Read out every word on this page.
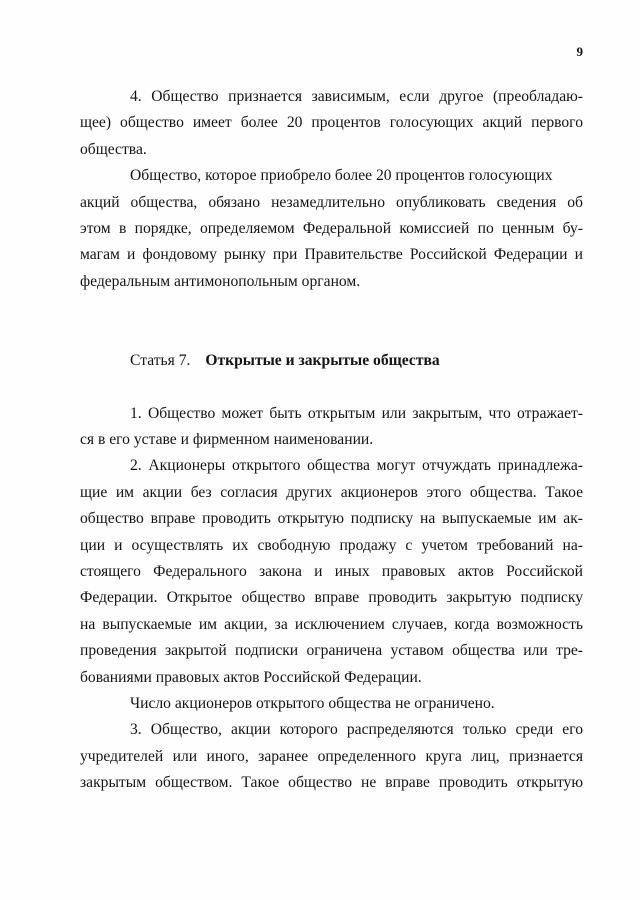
9
4. Общество признается зависимым, если другое (преобладаю-
щее) общество имеет более 20 процентов голосующих акций первого
общества.
Общество, которое приобрело более 20 процентов голосующих
акций общества, обязано незамедлительно опубликовать сведения об
этом в порядке, определяемом Федеральной комиссией по ценным бу-
магам и фондовому рынку при Правительстве Российской Федерации и
федеральным антимонопольным органом.
Статья 7. Открытые и закрытые общества
1. Общество может быть открытым или закрытым, что отражает-
ся в его уставе и фирменном наименовании.
2. Акционеры открытого общества могут отчуждать принадлежа-
щие им акции без согласия других акционеров этого общества. Такое
общество вправе проводить открытую подписку на выпускаемые им ак-
ции и осуществлять их свободную продажу с учетом требований на-
стоящего Федерального закона и иных правовых актов Российской
Федерации. Открытое общество вправе проводить закрытую подписку
на выпускаемые им акции, за исключением случаев, когда возможность
проведения закрытой подписки ограничена уставом общества или тре-
бованиями правовых актов Российской Федерации.
Число акционеров открытого общества не ограничено.
3. Общество, акции которого распределяются только среди его
учредителей или иного, заранее определенного круга лиц, признается
закрытым обществом. Такое общество не вправе проводить открытую
